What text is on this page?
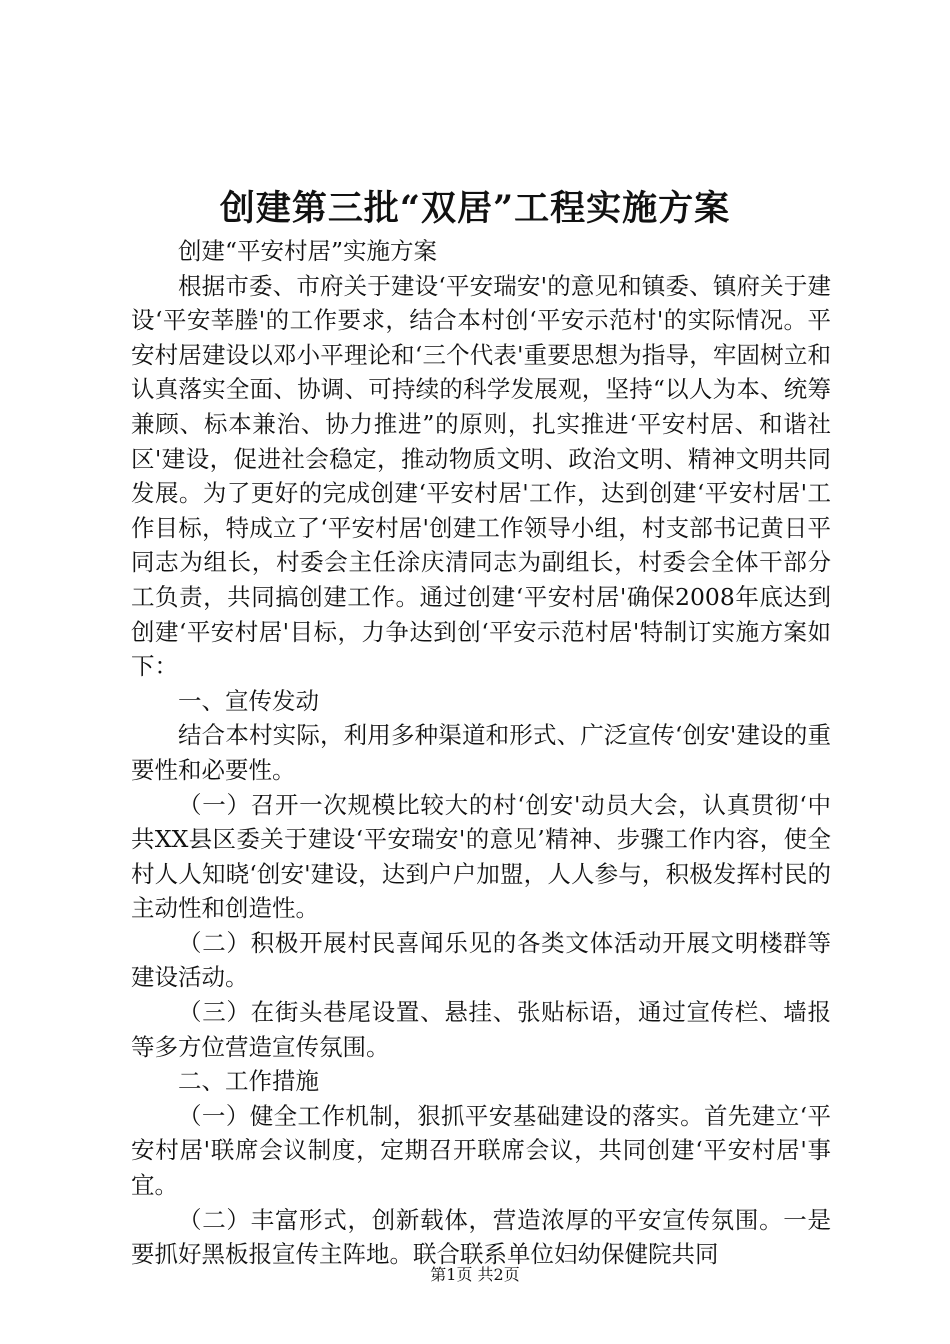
创建第三批“双居”工程实施方案

创建“平安村居”实施方案

根据市委、市府关于建设‘平安瑞安'的意见和镇委、镇府关于建设‘平安莘塍'的工作要求，结合本村创‘平安示范村'的实际情况。平安村居建设以邓小平理论和‘三个代表'重要思想为指导，牢固树立和认真落实全面、协调、可持续的科学发展观，坚持“以人为本、统筹兼顾、标本兼治、协力推进”的原则，扎实推进‘平安村居、和谐社区'建设，促进社会稳定，推动物质文明、政治文明、精神文明共同发展。为了更好的完成创建‘平安村居'工作，达到创建‘平安村居'工作目标，特成立了‘平安村居'创建工作领导小组，村支部书记黄日平同志为组长，村委会主任涂庆清同志为副组长，村委会全体干部分工负责，共同搞创建工作。通过创建‘平安村居'确保2008年底达到创建‘平安村居'目标，力争达到创‘平安示范村居'特制订实施方案如下：

一、宣传发动

结合本村实际，利用多种渠道和形式、广泛宣传‘创安'建设的重要性和必要性。

（一）召开一次规模比较大的村‘创安'动员大会，认真贯彻‘中共XX县区委关于建设‘平安瑞安'的意见’精神、步骤工作内容，使全村人人知晓‘创安'建设，达到户户加盟，人人参与，积极发挥村民的主动性和创造性。

（二）积极开展村民喜闻乐见的各类文体活动开展文明楼群等建设活动。

（三）在街头巷尾设置、悬挂、张贴标语，通过宣传栏、墙报等多方位营造宣传氛围。

二、工作措施

（一）健全工作机制，狠抓平安基础建设的落实。首先建立‘平安村居'联席会议制度，定期召开联席会议，共同创建‘平安村居'事宜。

（二）丰富形式，创新载体，营造浓厚的平安宣传氛围。一是要抓好黑板报宣传主阵地。联合联系单位妇幼保健院共同

第1页 共2页
